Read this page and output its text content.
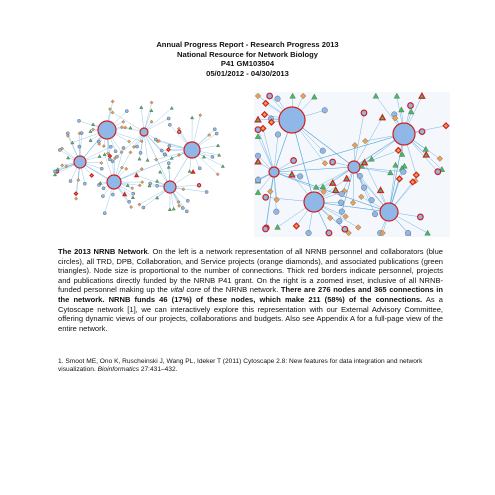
Annual Progress Report - Research Progress 2013
National Resource for Network Biology
P41 GM103504
05/01/2012 - 04/30/2013
The 2013 NRNB Network. On the left is a network representation of all NRNB personnel and collaborators (blue circles), all TRD, DPB, Collaboration, and Service projects (orange diamonds), and associated publications (green triangles). Node size is proportional to the number of connections. Thick red borders indicate personnel, projects and publications directly funded by the NRNB P41 grant. On the right is a zoomed inset, inclusive of all NRNB-funded personnel making up the vital core of the NRNB network. There are 276 nodes and 365 connections in the network. NRNB funds 46 (17%) of these nodes, which make 211 (58%) of the connections. As a Cytoscape network [1], we can interactively explore this representation with our External Advisory Committee, offering dynamic views of our projects, collaborations and budgets. Also see Appendix A for a full-page view of the entire network.
1. Smoot ME, Ono K, Ruscheinski J, Wang PL, Ideker T (2011) Cytoscape 2.8: New features for data integration and network visualization. Bioinformatics 27:431–432.
